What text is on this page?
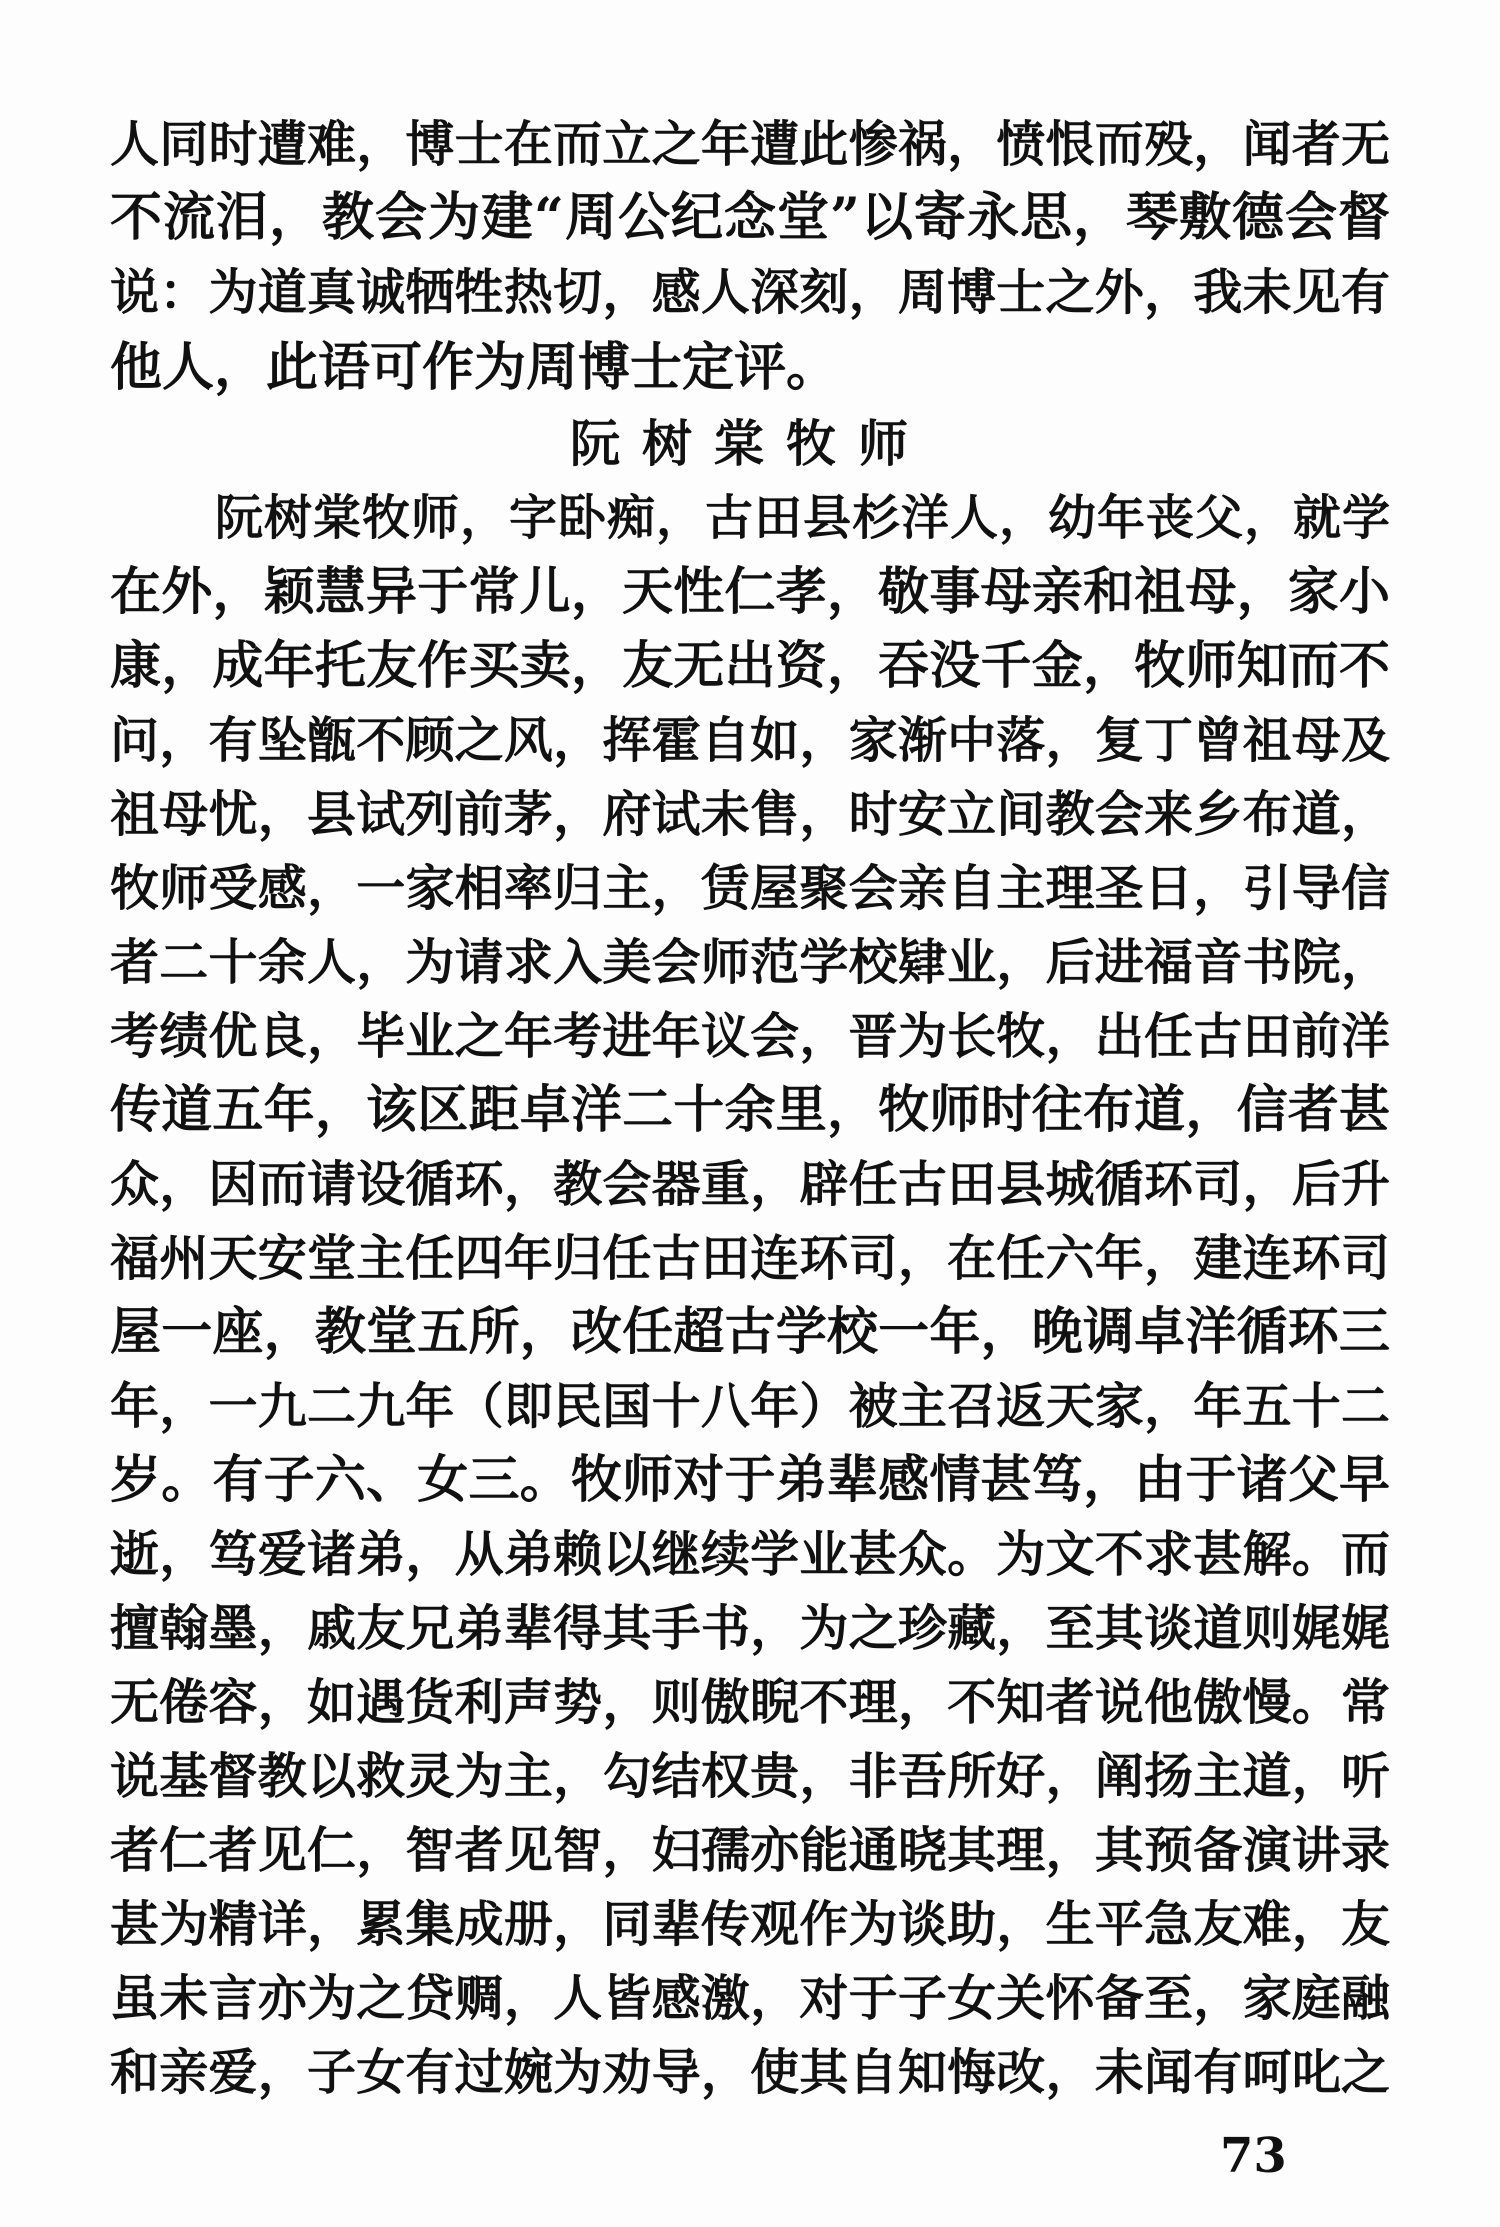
人同时遭难，博士在而立之年遭此惨祸，愤恨而殁，闻者无
不流泪，教会为建“周公纪念堂”以寄永思，琴敷德会督
说：为道真诚牺牲热切，感人深刻，周博士之外，我未见有
他人，此语可作为周博士定评。
阮树棠牧师
阮树棠牧师，字卧痴，古田县杉洋人，幼年丧父，就学
在外，颖慧异于常儿，天性仁孝，敬事母亲和祖母，家小
康，成年托友作买卖，友无出资，吞没千金，牧师知而不
问，有坠甑不顾之风，挥霍自如，家渐中落，复丁曾祖母及
祖母忧，县试列前茅，府试未售，时安立间教会来乡布道，
牧师受感，一家相率归主，赁屋聚会亲自主理圣日，引导信
者二十余人，为请求入美会师范学校肄业，后进福音书院，
考绩优良，毕业之年考进年议会，晋为长牧，出任古田前洋
传道五年，该区距卓洋二十余里，牧师时往布道，信者甚
众，因而请设循环，教会器重，辟任古田县城循环司，后升
福州天安堂主任四年归任古田连环司，在任六年，建连环司
屋一座，教堂五所，改任超古学校一年，晚调卓洋循环三
年，一九二九年（即民国十八年）被主召返天家，年五十二
岁。有子六、女三。牧师对于弟辈感情甚笃，由于诸父早
逝，笃爱诸弟，从弟赖以继续学业甚众。为文不求甚解。而
擅翰墨，戚友兄弟辈得其手书，为之珍藏，至其谈道则娓娓
无倦容，如遇货利声势，则傲睨不理，不知者说他傲慢。常
说基督教以救灵为主，勾结权贵，非吾所好，阐扬主道，听
者仁者见仁，智者见智，妇孺亦能通晓其理，其预备演讲录
甚为精详，累集成册，同辈传观作为谈助，生平急友难，友
虽未言亦为之贷赒，人皆感激，对于子女关怀备至，家庭融
和亲爱，子女有过婉为劝导，使其自知悔改，未闻有呵叱之
73
